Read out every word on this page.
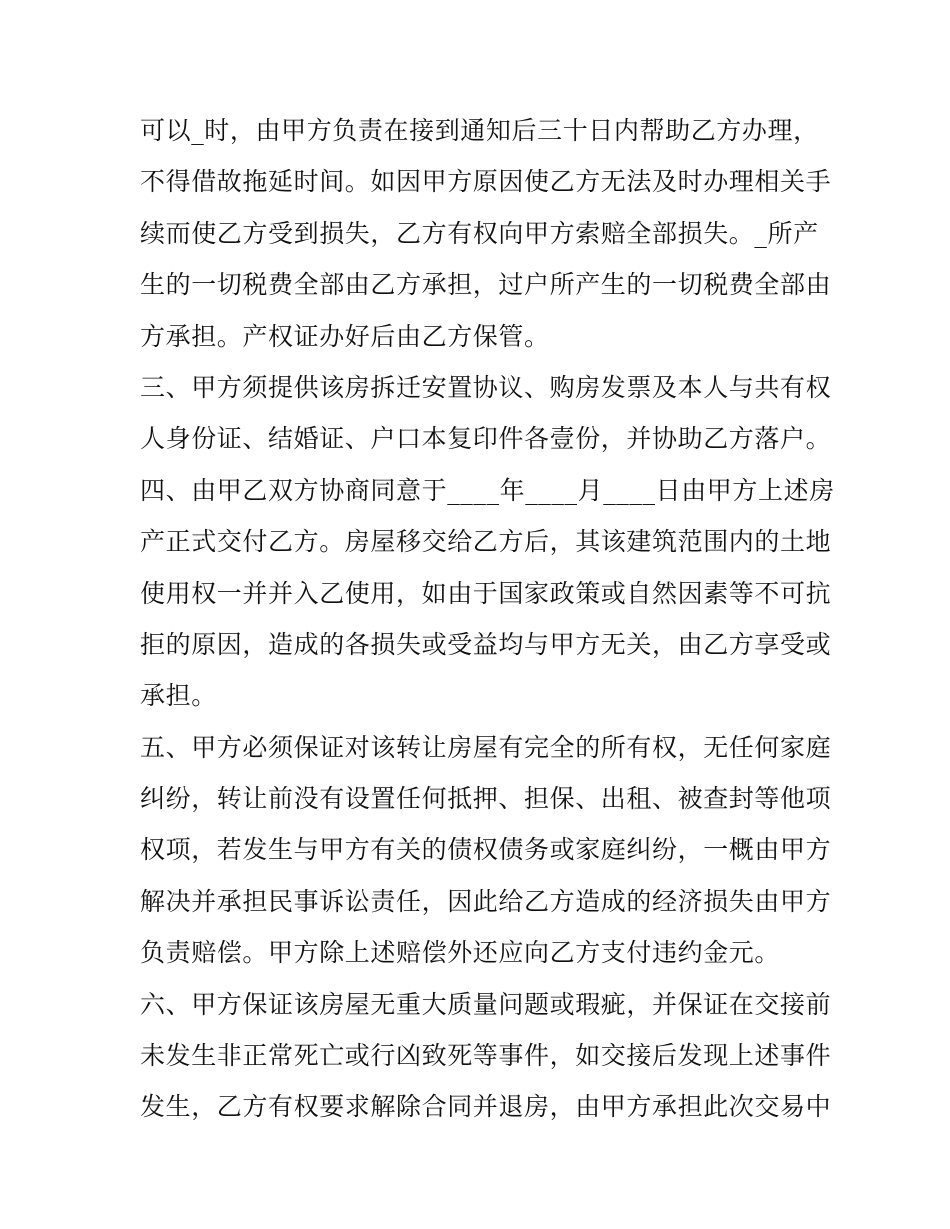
可以_时，由甲方负责在接到通知后三十日内帮助乙方办理，
不得借故拖延时间。如因甲方原因使乙方无法及时办理相关手
续而使乙方受到损失，乙方有权向甲方索赔全部损失。_所产
生的一切税费全部由乙方承担，过户所产生的一切税费全部由
方承担。产权证办好后由乙方保管。
三、甲方须提供该房拆迁安置协议、购房发票及本人与共有权
人身份证、结婚证、户口本复印件各壹份，并协助乙方落户。
四、由甲乙双方协商同意于____年____月____日由甲方上述房
产正式交付乙方。房屋移交给乙方后，其该建筑范围内的土地
使用权一并并入乙使用，如由于国家政策或自然因素等不可抗
拒的原因，造成的各损失或受益均与甲方无关，由乙方享受或
承担。
五、甲方必须保证对该转让房屋有完全的所有权，无任何家庭
纠纷，转让前没有设置任何抵押、担保、出租、被查封等他项
权项，若发生与甲方有关的债权债务或家庭纠纷，一概由甲方
解决并承担民事诉讼责任，因此给乙方造成的经济损失由甲方
负责赔偿。甲方除上述赔偿外还应向乙方支付违约金元。
六、甲方保证该房屋无重大质量问题或瑕疵，并保证在交接前
未发生非正常死亡或行凶致死等事件，如交接后发现上述事件
发生，乙方有权要求解除合同并退房，由甲方承担此次交易中
